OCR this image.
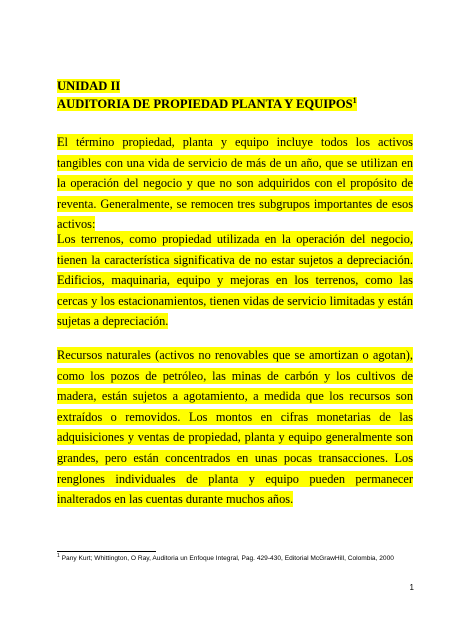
UNIDAD II
AUDITORIA DE PROPIEDAD PLANTA Y EQUIPOS$^1$

El término propiedad, planta y equipo incluye todos los activos tangibles con una vida de servicio de más de un año, que se utilizan en la operación del negocio y que no son adquiridos con el propósito de reventa. Generalmente, se remocen tres subgrupos importantes de esos activos:

Los terrenos, como propiedad utilizada en la operación del negocio, tienen la característica significativa de no estar sujetos a depreciación. Edificios, maquinaria, equipo y mejoras en los terrenos, como las cercas y los estacionamientos, tienen vidas de servicio limitadas y están sujetas a depreciación.

Recursos naturales (activos no renovables que se amortizan o agotan), como los pozos de petróleo, las minas de carbón y los cultivos de madera, están sujetos a agotamiento, a medida que los recursos son extraídos o removidos. Los montos en cifras monetarias de las adquisiciones y ventas de propiedad, planta y equipo generalmente son grandes, pero están concentrados en unas pocas transacciones. Los renglones individuales de planta y equipo pueden permanecer inalterados en las cuentas durante muchos años.

$^1$ Pany Kurt; Whittington, O Ray, Auditoria un Enfoque Integral, Pag. 429-430, Editorial McGrawHill, Colombia, 2000

1
